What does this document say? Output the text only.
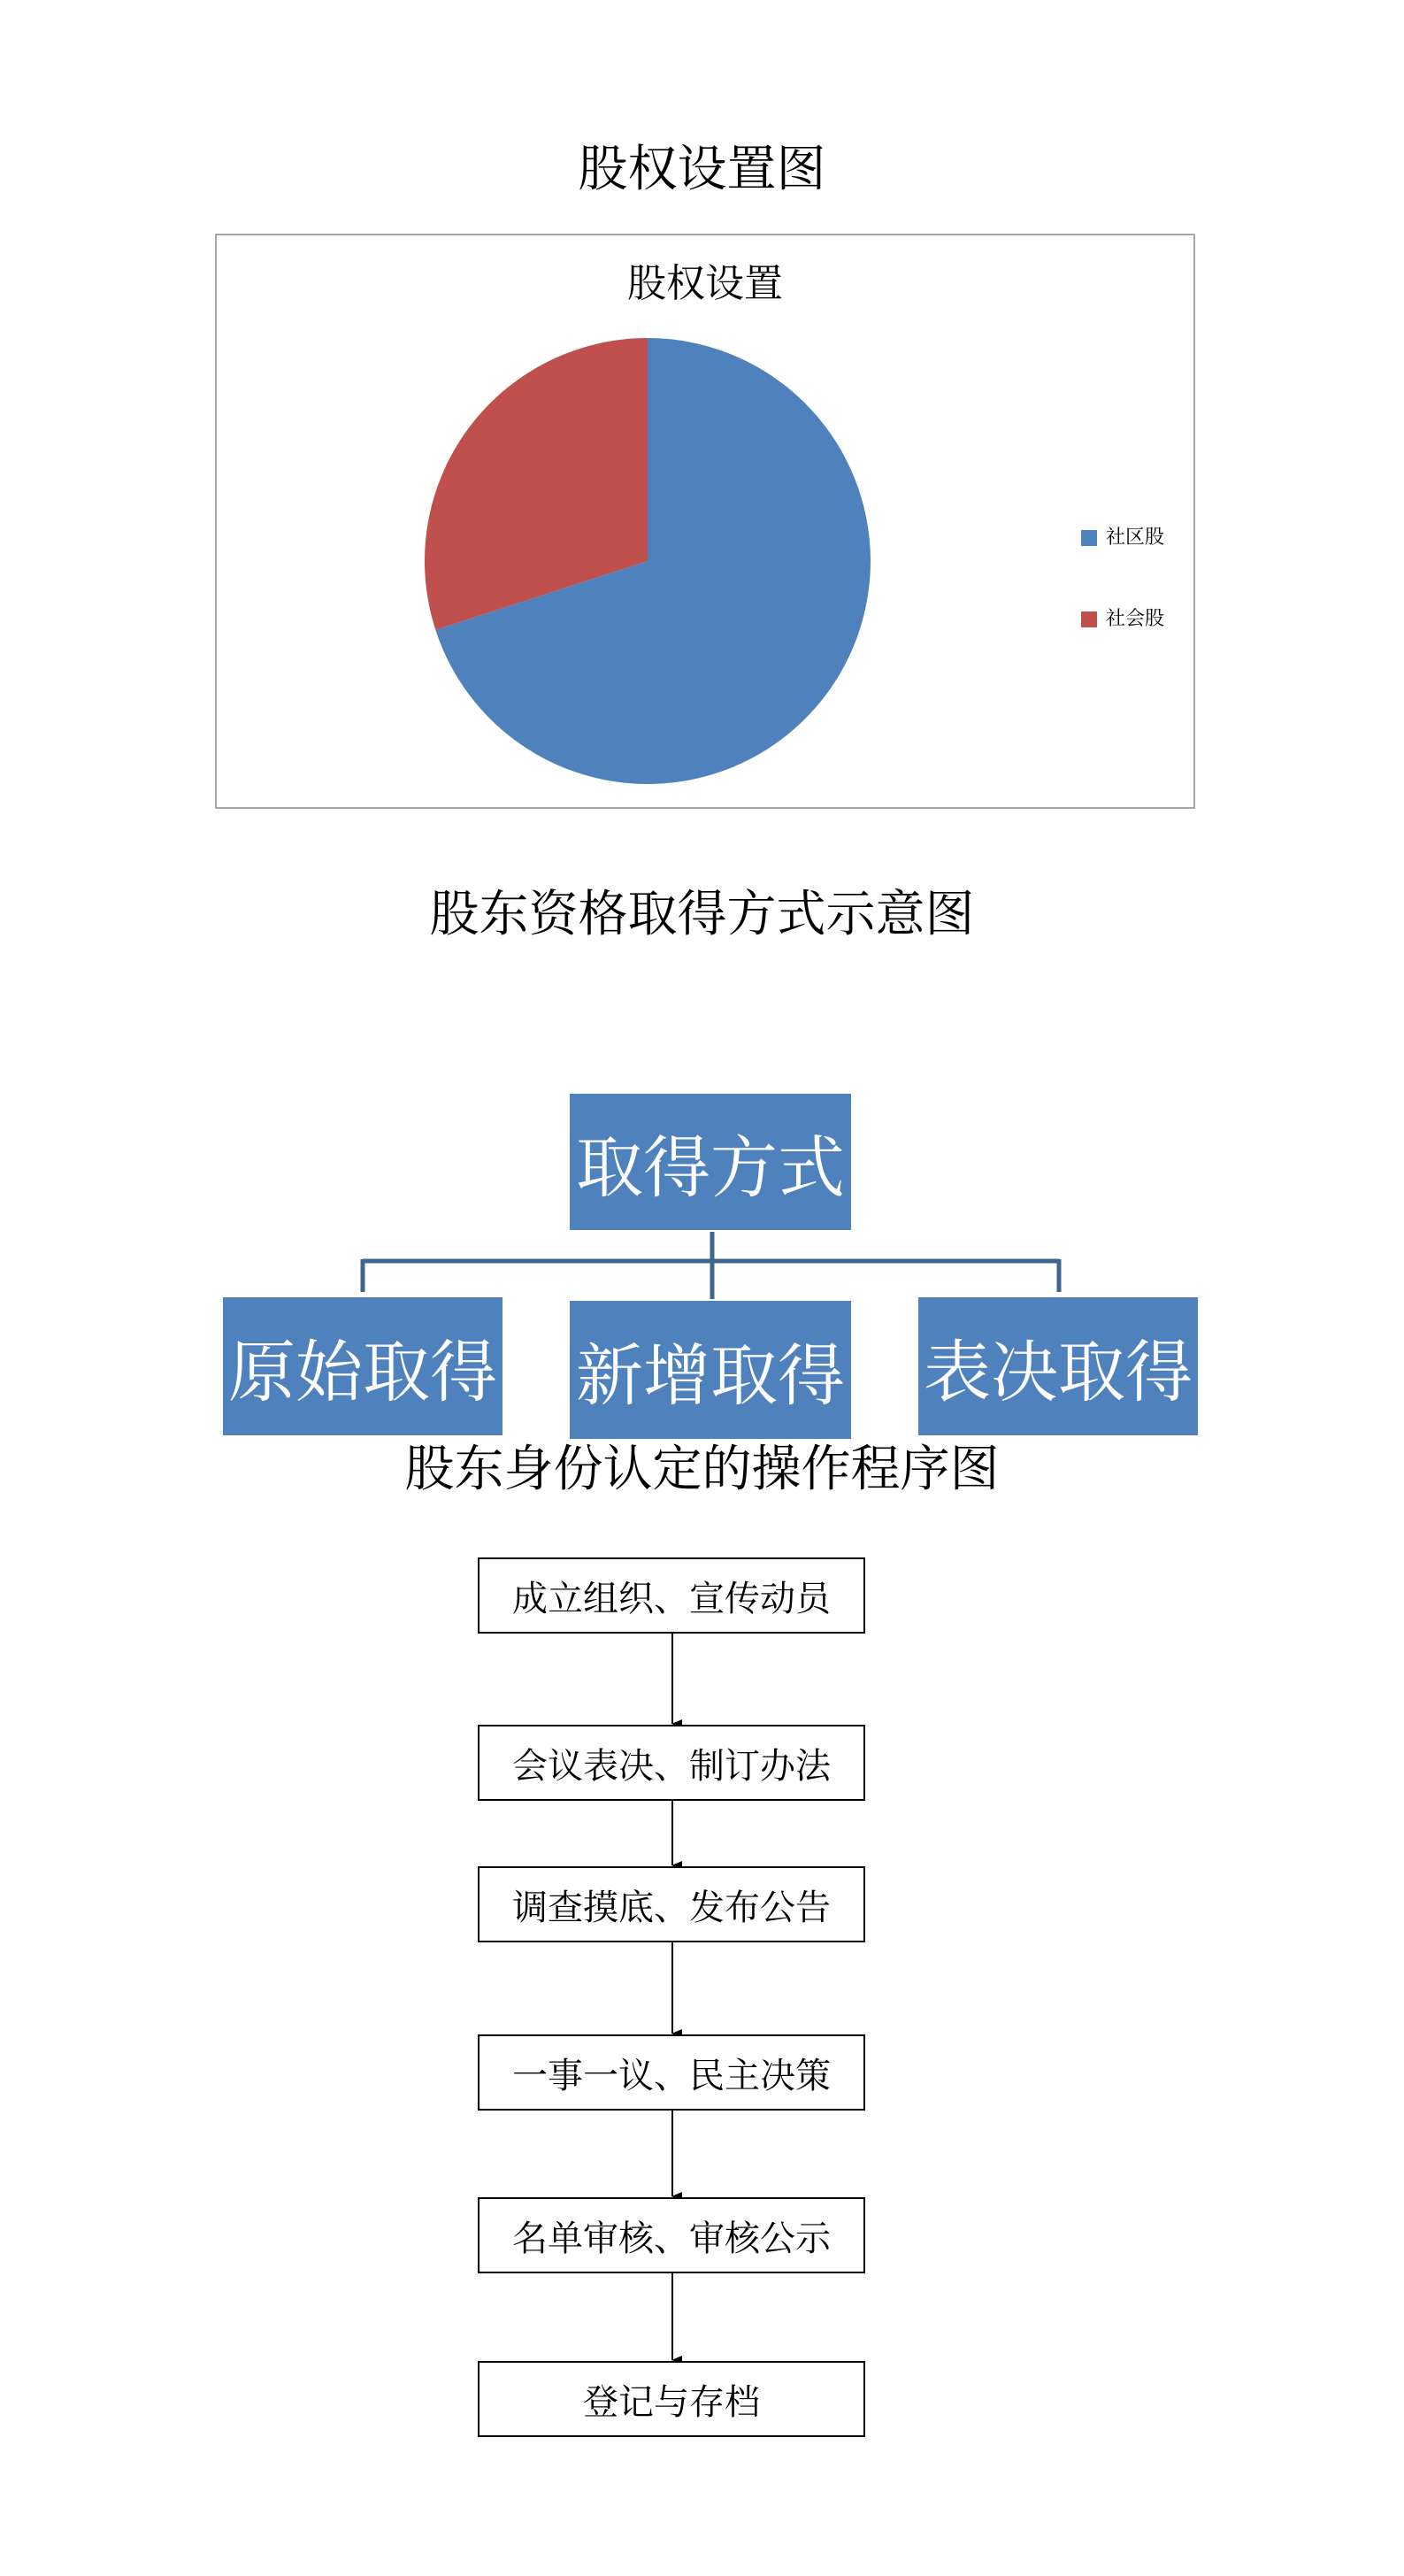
股权设置图
股权设置
社区股
社会股
股东资格取得方式示意图
取得方式
原始取得 新增取得 表决取得
股东身份认定的操作程序图
成立组织、宣传动员
会议表决、制订办法
调查摸底、发布公告
一事一议、民主决策
名单审核、审核公示
登记与存档
